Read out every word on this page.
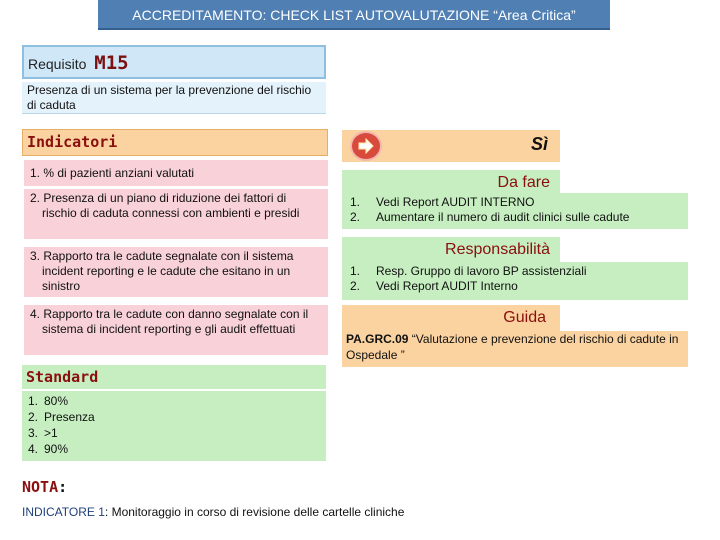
ACCREDITAMENTO: CHECK LIST AUTOVALUTAZIONE “Area Critica”
Requisito M15
Presenza di un sistema per la prevenzione del rischio di caduta
Indicatori
1. % di pazienti anziani valutati
2. Presenza di un piano di riduzione dei fattori di rischio di caduta connessi con ambienti e presidi
3. Rapporto tra le cadute segnalate con il sistema incident reporting e le cadute che esitano in un sinistro
4. Rapporto tra le cadute con danno segnalate con il sistema di incident reporting e gli audit effettuati
Sì
Da fare
1. Vedi Report AUDIT INTERNO
2. Aumentare il numero di audit clinici sulle cadute
Responsabilità
1. Resp. Gruppo di lavoro BP assistenziali
2. Vedi Report AUDIT Interno
Guida
PA.GRC.09 “Valutazione e prevenzione del rischio di cadute in Ospedale ”
Standard
1. 80%
2. Presenza
3. >1
4. 90%
NOTA:
INDICATORE 1: Monitoraggio in corso di revisione delle cartelle cliniche
